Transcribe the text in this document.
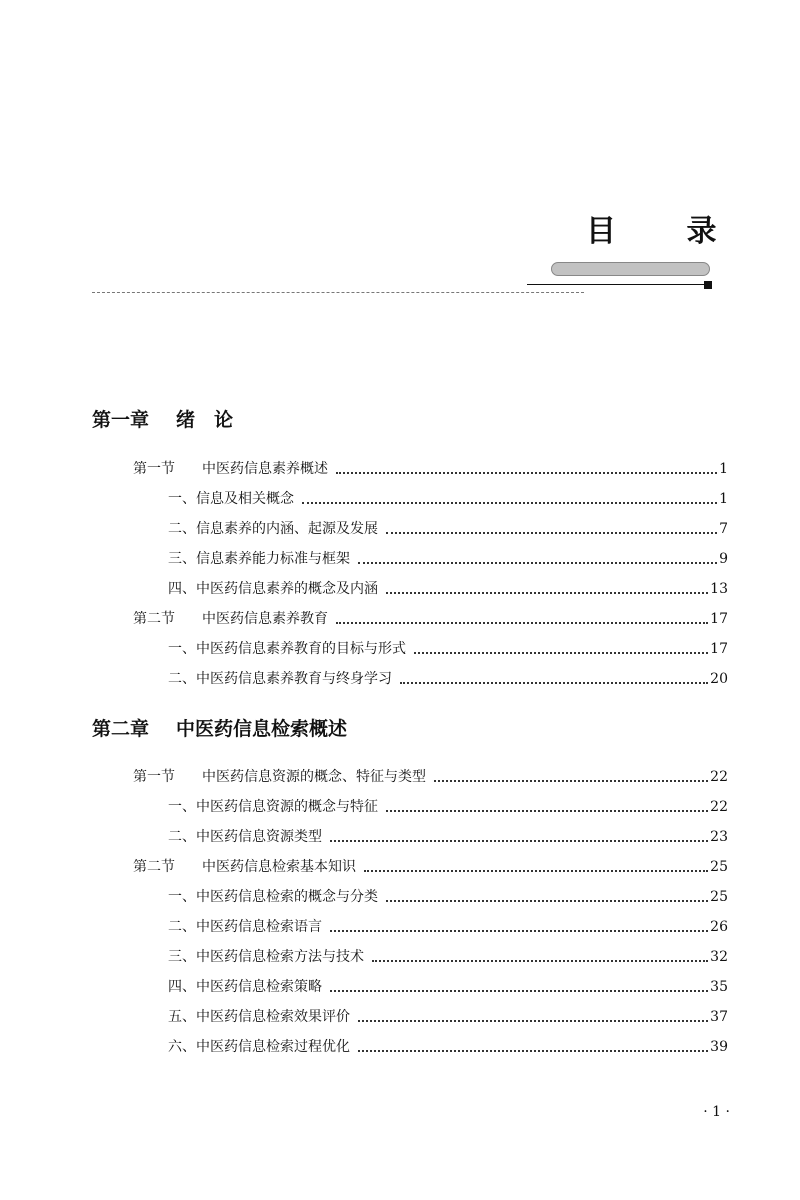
目 录
第一章 绪　论
第一节	中医药信息素养概述	1
一、信息及相关概念	1
二、信息素养的内涵、起源及发展	7
三、信息素养能力标准与框架	9
四、中医药信息素养的概念及内涵	13
第二节	中医药信息素养教育	17
一、中医药信息素养教育的目标与形式	17
二、中医药信息素养教育与终身学习	20
第二章 中医药信息检索概述
第一节	中医药信息资源的概念、特征与类型	22
一、中医药信息资源的概念与特征	22
二、中医药信息资源类型	23
第二节	中医药信息检索基本知识	25
一、中医药信息检索的概念与分类	25
二、中医药信息检索语言	26
三、中医药信息检索方法与技术	32
四、中医药信息检索策略	35
五、中医药信息检索效果评价	37
六、中医药信息检索过程优化	39
· 1 ·
